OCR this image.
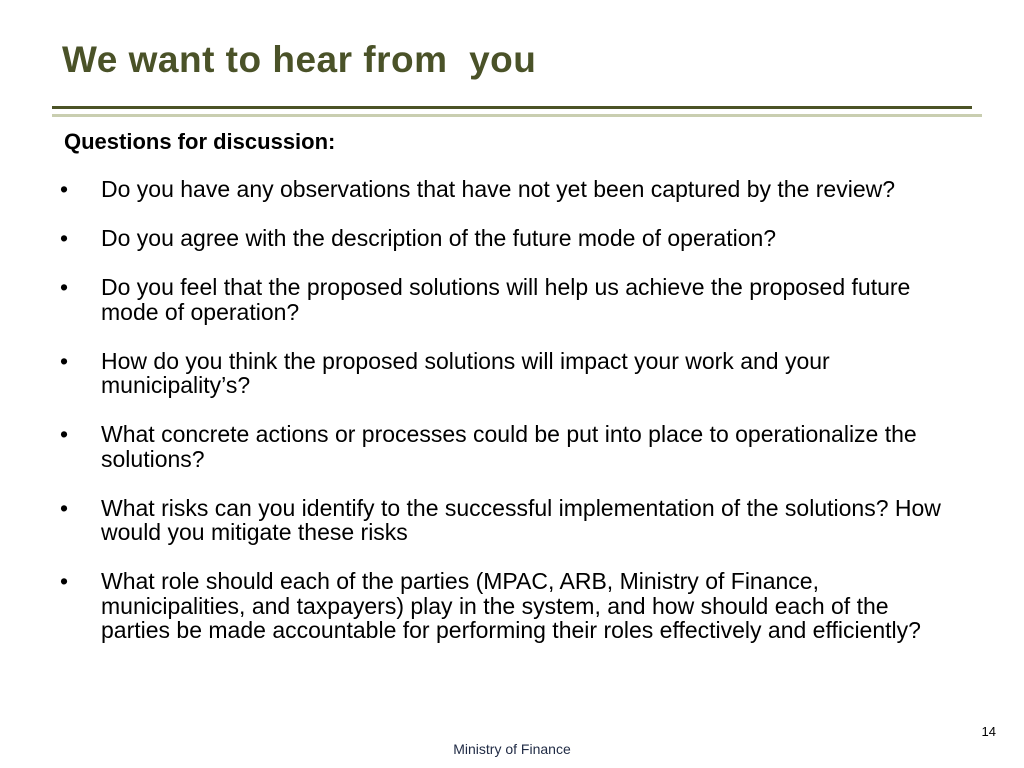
We want to hear from  you

Questions for discussion:

•	Do you have any observations that have not yet been captured by the review?
•	Do you agree with the description of the future mode of operation?
•	Do you feel that the proposed solutions will help us achieve the proposed future mode of operation?
•	How do you think the proposed solutions will impact your work and your municipality’s?
•	What concrete actions or processes could be put into place to operationalize the solutions?
•	What risks can you identify to the successful implementation of the solutions? How would you mitigate these risks
•	What role should each of the parties (MPAC, ARB, Ministry of Finance, municipalities, and taxpayers) play in the system, and how should each of the parties be made accountable for performing their roles effectively and efficiently?
14
Ministry of Finance
